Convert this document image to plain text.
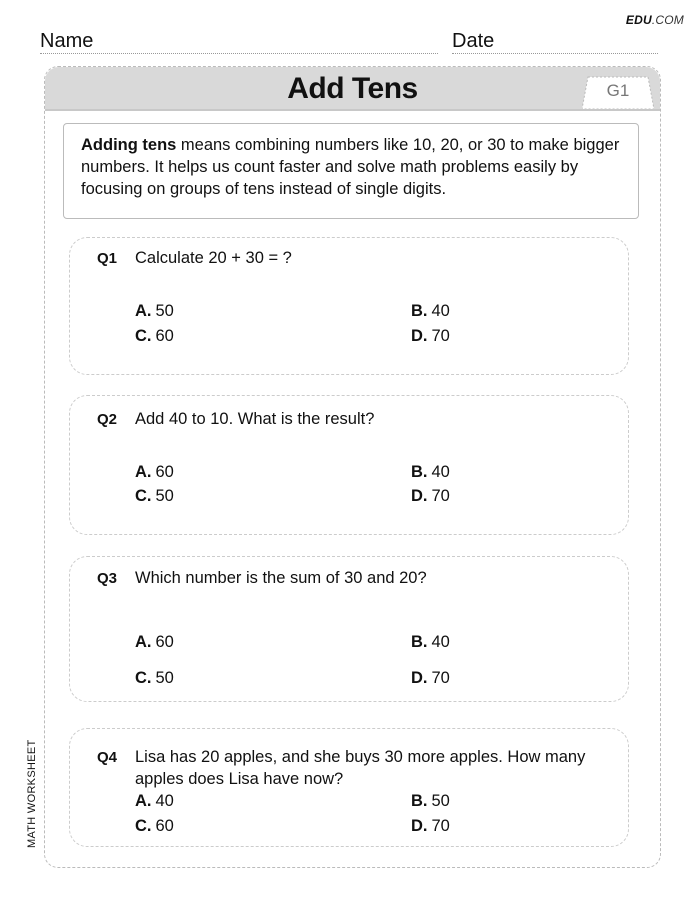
EDU.COM
Name	Date
Add Tens	G1
Adding tens means combining numbers like 10, 20, or 30 to make bigger numbers. It helps us count faster and solve math problems easily by focusing on groups of tens instead of single digits.
Q1 Calculate 20 + 30 = ?
A. 50	B. 40
C. 60	D. 70
Q2 Add 40 to 10. What is the result?
A. 60	B. 40
C. 50	D. 70
Q3 Which number is the sum of 30 and 20?
A. 60	B. 40
C. 50	D. 70
Q4 Lisa has 20 apples, and she buys 30 more apples. How many apples does Lisa have now?
A. 40	B. 50
C. 60	D. 70
MATH WORKSHEET
